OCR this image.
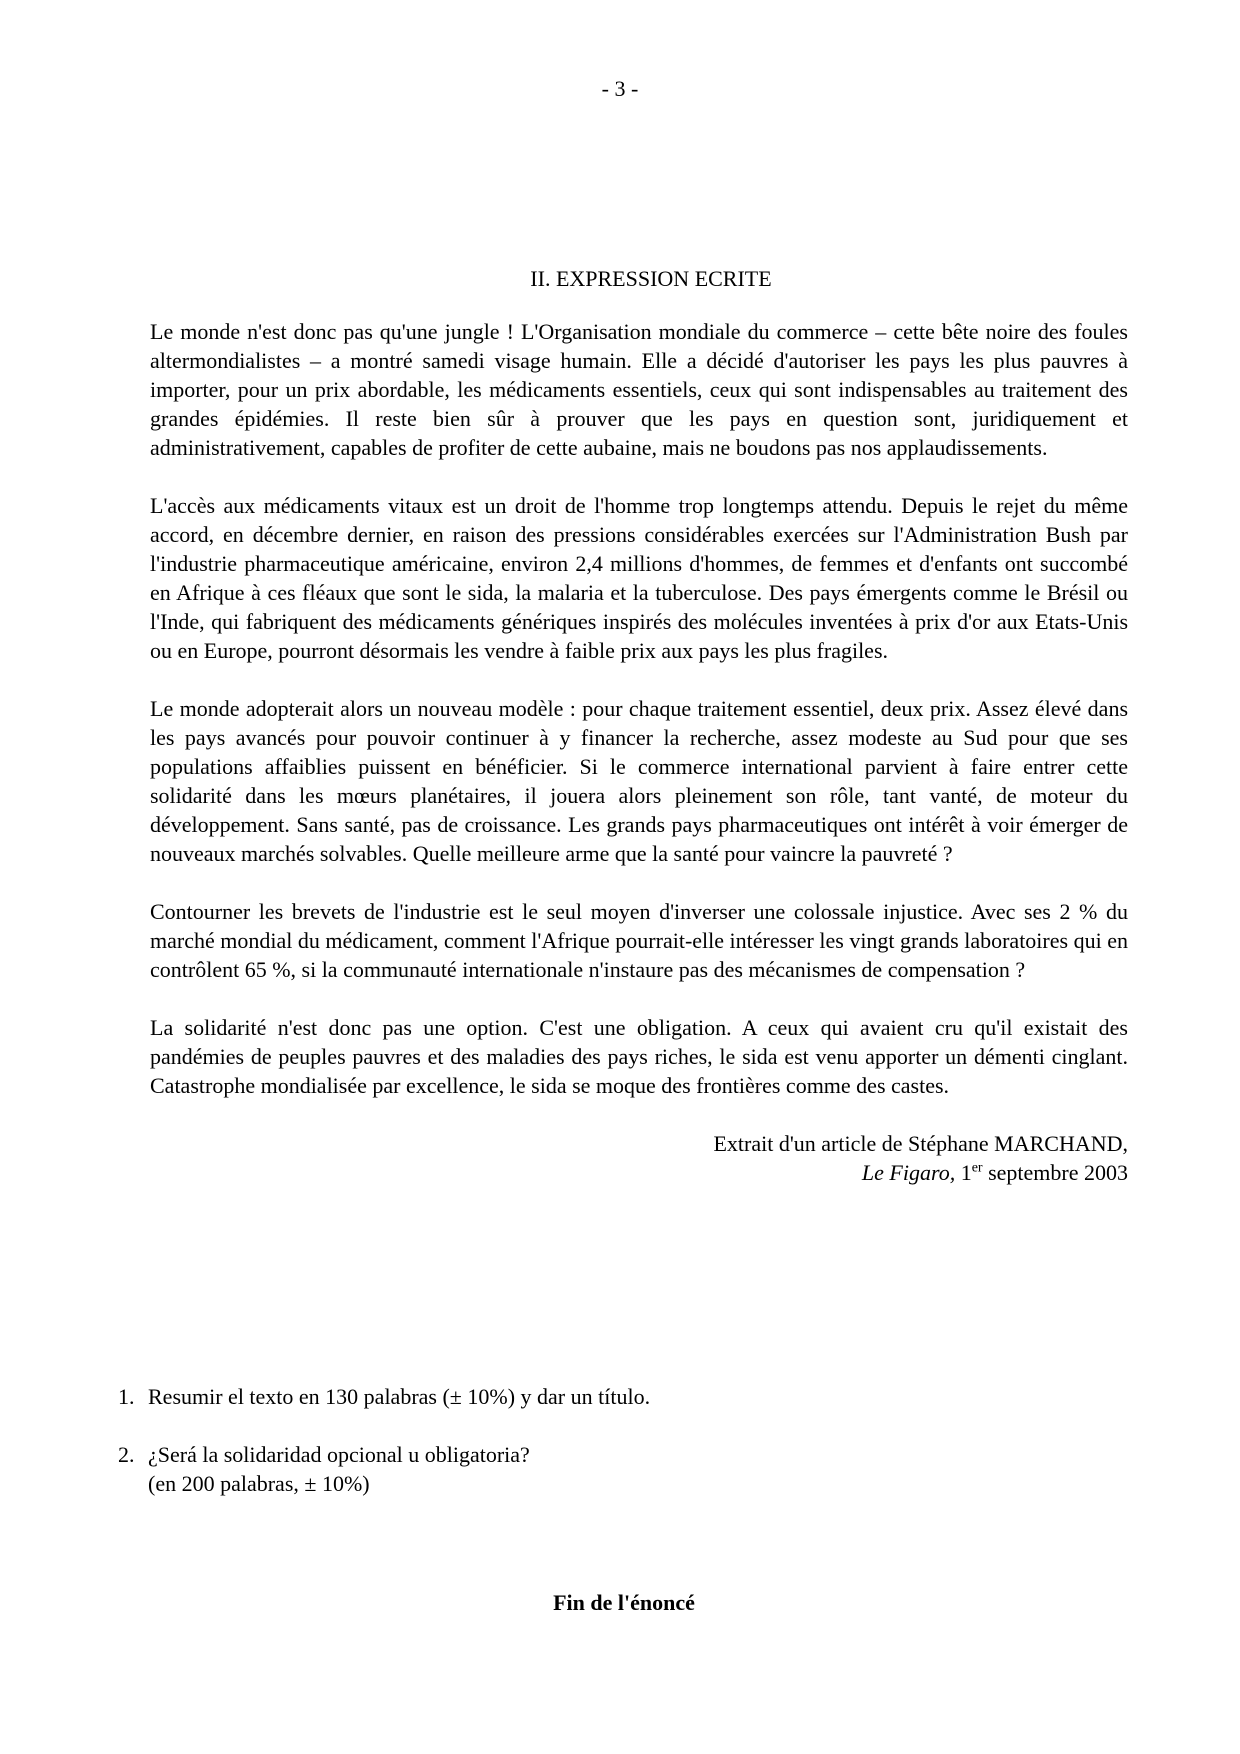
- 3 -
II. EXPRESSION ECRITE

Le monde n'est donc pas qu'une jungle ! L'Organisation mondiale du commerce – cette bête noire des foules altermondialistes – a montré samedi visage humain. Elle a décidé d'autoriser les pays les plus pauvres à importer, pour un prix abordable, les médicaments essentiels, ceux qui sont indispensables au traitement des grandes épidémies. Il reste bien sûr à prouver que les pays en question sont, juridiquement et administrativement, capables de profiter de cette aubaine, mais ne boudons pas nos applaudissements.

L'accès aux médicaments vitaux est un droit de l'homme trop longtemps attendu. Depuis le rejet du même accord, en décembre dernier, en raison des pressions considérables exercées sur l'Administration Bush par l'industrie pharmaceutique américaine, environ 2,4 millions d'hommes, de femmes et d'enfants ont succombé en Afrique à ces fléaux que sont le sida, la malaria et la tuberculose. Des pays émergents comme le Brésil ou l'Inde, qui fabriquent des médicaments génériques inspirés des molécules inventées à prix d'or aux Etats-Unis ou en Europe, pourront désormais les vendre à faible prix aux pays les plus fragiles.

Le monde adopterait alors un nouveau modèle : pour chaque traitement essentiel, deux prix. Assez élevé dans les pays avancés pour pouvoir continuer à y financer la recherche, assez modeste au Sud pour que ses populations affaiblies puissent en bénéficier. Si le commerce international parvient à faire entrer cette solidarité dans les mœurs planétaires, il jouera alors pleinement son rôle, tant vanté, de moteur du développement. Sans santé, pas de croissance. Les grands pays pharmaceutiques ont intérêt à voir émerger de nouveaux marchés solvables. Quelle meilleure arme que la santé pour vaincre la pauvreté ?

Contourner les brevets de l'industrie est le seul moyen d'inverser une colossale injustice. Avec ses 2 % du marché mondial du médicament, comment l'Afrique pourrait-elle intéresser les vingt grands laboratoires qui en contrôlent 65 %, si la communauté internationale n'instaure pas des mécanismes de compensation ?

La solidarité n'est donc pas une option. C'est une obligation. A ceux qui avaient cru qu'il existait des pandémies de peuples pauvres et des maladies des pays riches, le sida est venu apporter un démenti cinglant. Catastrophe mondialisée par excellence, le sida se moque des frontières comme des castes.

Extrait d'un article de Stéphane MARCHAND,
Le Figaro, 1er septembre 2003
1. Resumir el texto en 130 palabras (± 10%) y dar un título.
2. ¿Será la solidaridad opcional u obligatoria?
(en 200 palabras, ± 10%)
Fin de l'énoncé
